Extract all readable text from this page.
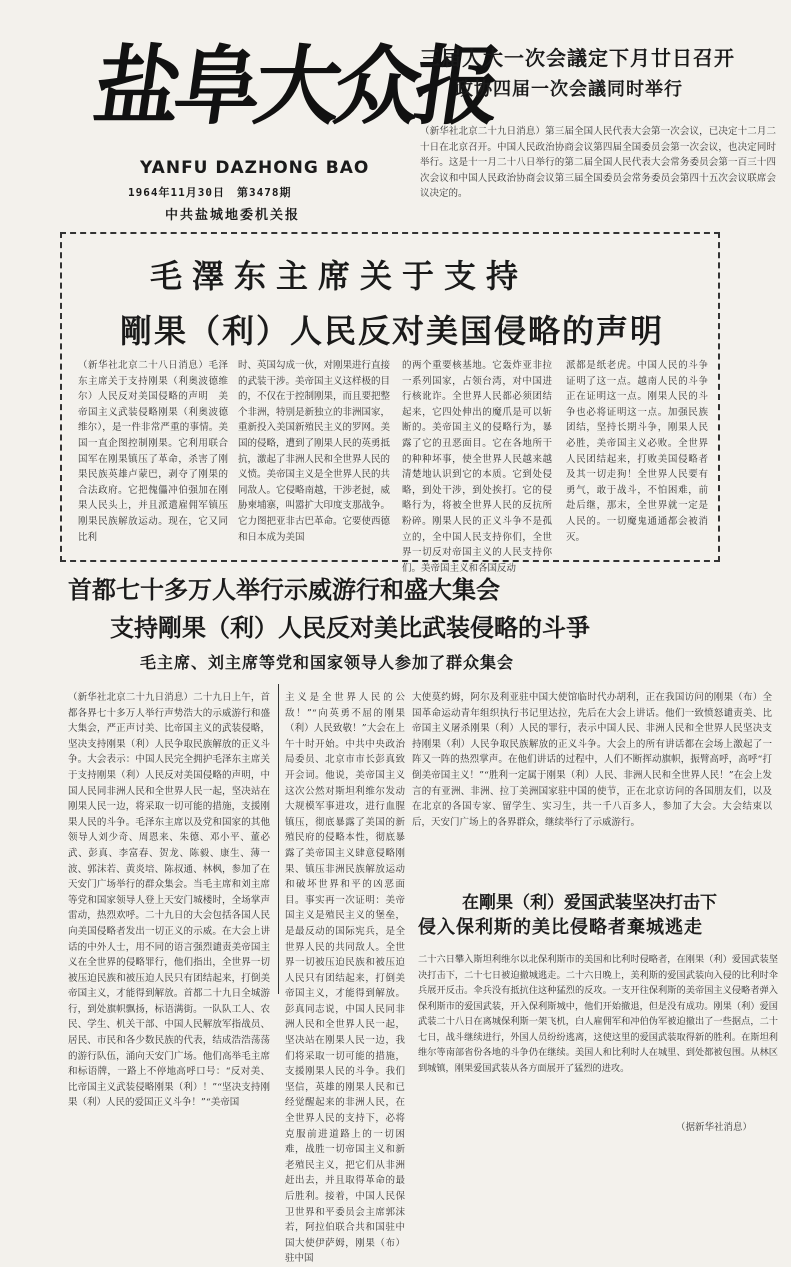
盐阜大众报
YANFU DAZHONG BAO
1964年11月30日　第3478期
中共盐城地委机关报
三届人大一次会議定下月廿日召开
政协四届一次会議同时举行
（新华社北京二十九日消息）第三届全国人民代表大会第一次会议，已决定十二月二十日在北京召开。中国人民政治协商会议第四届全国委员会第一次会议，也决定同时举行。这是十一月二十八日举行的第二届全国人民代表大会常务委员会第一百三十四次会议和中国人民政治协商会议第三届全国委员会常务委员会第四十五次会议联席会议决定的。
毛澤东主席关于支持
剛果（利）人民反对美国侵略的声明
（新华社北京二十八日消息）毛泽东主席关于支持刚果（利奥波德维尔）人民反对美国侵略的声明　美帝国主义武装侵略刚果（利奥波德维尔），是一件非常严重的事情。美国一直企图控制刚果。它利用联合国军在刚果镇压了革命，杀害了刚果民族英雄卢蒙巴，剥夺了刚果的合法政府。它把傀儡冲伯强加在刚果人民头上，并且派遣雇佣军镇压刚果民族解放运动。现在，它又同比利
时、英国勾成一伙，对刚果进行直接的武装干涉。美帝国主义这样极的目的，不仅在于控制刚果，而且要把整个非洲，特别是新独立的非洲国家，重新投入美国新殖民主义的罗网。美国的侵略，遭到了刚果人民的英勇抵抗，激起了非洲人民和全世界人民的义愤。美帝国主义是全世界人民的共同敌人。它侵略南越，干涉老挝，威胁柬埔寨，叫嚣扩大印度支那战争。它力图把亚非古巴革命。它要使西德和日本成为美国
的两个重要核基地。它轰炸亚非拉一系列国家，占领台湾，对中国进行核讹诈。全世界人民都必须团结起来，它四处伸出的魔爪是可以斩断的。美帝国主义的侵略行为，暴露了它的丑恶面目。它在各地所干的种种坏事，使全世界人民越来越清楚地认识到它的本质。它到处侵略，到处干涉，到处挨打。它的侵略行为，将被全世界人民的反抗所粉碎。刚果人民的正义斗争不是孤立的，全中国人民支持你们，全世界一切反对帝国主义的人民支持你们。美帝国主义和各国反动
派都是纸老虎。中国人民的斗争证明了这一点。越南人民的斗争正在证明这一点。刚果人民的斗争也必将证明这一点。加强民族团结，坚持长期斗争，刚果人民必胜，美帝国主义必败。全世界人民团结起来，打败美国侵略者及其一切走狗！全世界人民要有勇气，敢于战斗，不怕困难，前赴后继，那末，全世界就一定是人民的。一切魔鬼通通都会被消灭。
首都七十多万人举行示威游行和盛大集会
支持剛果（利）人民反对美比武装侵略的斗爭
毛主席、刘主席等党和国家领导人参加了群众集会
（新华社北京二十九日消息）二十九日上午，首都各界七十多万人举行声势浩大的示威游行和盛大集会，严正声讨美、比帝国主义的武装侵略，坚决支持刚果（利）人民争取民族解放的正义斗争。大会表示：中国人民完全拥护毛泽东主席关于支持刚果（利）人民反对美国侵略的声明，中国人民同非洲人民和全世界人民一起，坚决站在刚果人民一边，将采取一切可能的措施，支援刚果人民的斗争。毛泽东主席以及党和国家的其他领导人刘少奇、周恩来、朱德、邓小平、董必武、彭真、李富春、贺龙、陈毅、康生、薄一波、郭沫若、黄炎培、陈叔通、林枫，参加了在天安门广场举行的群众集会。当毛主席和刘主席等党和国家领导人登上天安门城楼时，全场掌声雷动，热烈欢呼。二十九日的大会包括各国人民向美国侵略者发出一切正义的示威。在大会上讲话的中外人士，用不同的语言强烈谴责美帝国主义在全世界的侵略罪行，他们指出，全世界一切被压迫民族和被压迫人民只有团结起来，打倒美帝国主义，才能得到解放。首都二十九日全城游行，到处旗帜飘扬，标语满街。一队队工人、农民、学生、机关干部、中国人民解放军指战员、居民、市民和各少数民族的代表，结成浩浩荡荡的游行队伍，涌向天安门广场。他们高举毛主席和标语牌，一路上不停地高呼口号：“反对美、比帝国主义武装侵略刚果（利）！”“坚决支持刚果（利）人民的爱国正义斗争！”“美帝国
主义是全世界人民的公敌！”“向英勇不屈的刚果（利）人民致敬！”大会在上午十时开始。中共中央政治局委员、北京市市长彭真致开会词。他说，美帝国主义这次公然对斯坦利维尔发动大规模军事进攻，进行血腥镇压，彻底暴露了美国的新殖民府的侵略本性，彻底暴露了美帝国主义肆意侵略刚果、镇压非洲民族解放运动和破坏世界和平的凶恶面目。事实再一次证明：美帝国主义是殖民主义的堡垒，是最反动的国际宪兵，是全世界人民的共同敌人。全世界一切被压迫民族和被压迫人民只有团结起来，打倒美帝国主义，才能得到解放。彭真同志说，中国人民同非洲人民和全世界人民一起，坚决站在刚果人民一边，我们将采取一切可能的措施，支援刚果人民的斗争。我们坚信，英雄的刚果人民和已经觉醒起来的非洲人民，在全世界人民的支持下，必将克服前进道路上的一切困难，战胜一切帝国主义和新老殖民主义，把它们从非洲赶出去，并且取得革命的最后胜利。接着，中国人民保卫世界和平委员会主席郭沫若，阿拉伯联合共和国驻中国大使伊萨姆，刚果（布）驻中国
大使莫约姆，阿尔及利亚驻中国大使馆临时代办胡利，正在我国访问的刚果（布）全国革命运动青年组织执行书记里达拉，先后在大会上讲话。他们一致愤怒谴责美、比帝国主义屠杀刚果（利）人民的罪行，表示中国人民、非洲人民和全世界人民坚决支持刚果（利）人民争取民族解放的正义斗争。大会上的所有讲话都在会场上激起了一阵又一阵的热烈掌声。在他们讲话的过程中，人们不断挥动旗帜，振臂高呼，高呼“打倒美帝国主义！”“胜利一定属于刚果（利）人民、非洲人民和全世界人民！”在会上发言的有亚洲、非洲、拉丁美洲国家驻中国的使节，正在北京访问的各国朋友们，以及在北京的各国专家、留学生、实习生，共一千八百多人，参加了大会。大会结束以后，天安门广场上的各界群众，继续举行了示威游行。
在剛果（利）爱国武装坚决打击下
侵入保利斯的美比侵略者棄城逃走
二十六日攀入斯坦利维尔以北保利斯市的美国和比利时侵略者，在刚果（利）爱国武装坚决打击下，二十七日被迫撤城逃走。二十六日晚上，美利斯的爱国武装向入侵的比利时伞兵展开反击。伞兵没有抵抗住这种猛烈的反攻。一支开往保利斯的美帝国主义侵略者弹入保利斯市的爱国武装，开入保利斯城中，他们开始撤退，但是没有成功。刚果（利）爱国武装二十八日在离城保利斯一架飞机，白人雇佣军和冲伯伪军被迫撤出了一些据点，二十七日，战斗继续进行，外国人员纷纷逃离，这使这里的爱国武装取得新的胜利。在斯坦利维尔等南部省份各地的斗争仍在继续。美国人和比利时人在城里、到处都被包围。从林区到城镇，刚果爱国武装从各方面展开了猛烈的进攻。
（据新华社消息）
